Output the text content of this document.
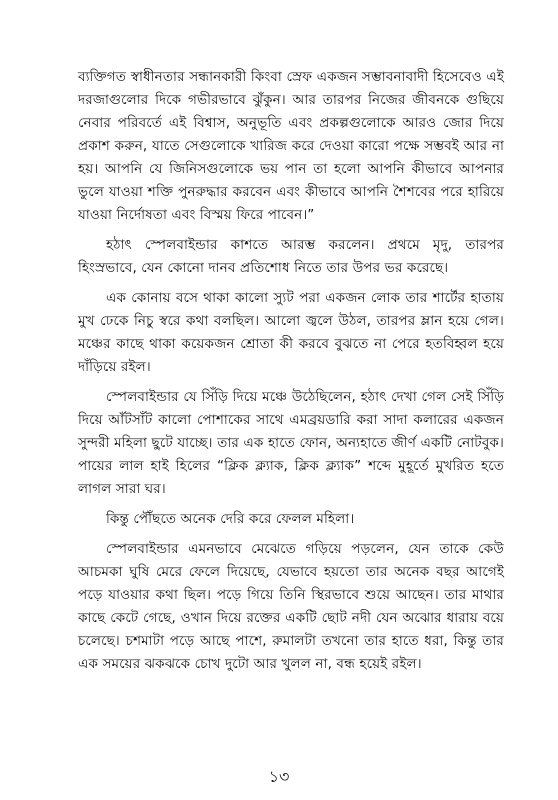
ব্যক্তিগত স্বাধীনতার সন্ধানকারী কিংবা স্রেফ একজন সম্ভাবনাবাদী হিসেবেও এই দরজাগুলোর দিকে গভীরভাবে ঝুঁকুন। আর তারপর নিজের জীবনকে গুছিয়ে নেবার পরিবর্তে এই বিশ্বাস, অনুভূতি এবং প্রকল্পগুলোকে আরও জোর দিয়ে প্রকাশ করুন, যাতে সেগুলোকে খারিজ করে দেওয়া কারো পক্ষে সম্ভবই আর না হয়। আপনি যে জিনিসগুলোকে ভয় পান তা হলো আপনি কীভাবে আপনার ভুলে যাওয়া শক্তি পুনরুদ্ধার করবেন এবং কীভাবে আপনি শৈশবের পরে হারিয়ে যাওয়া নির্দোষতা এবং বিস্ময় ফিরে পাবেন।”

হঠাৎ স্পেলবাইন্ডার কাশতে আরম্ভ করলেন। প্রথমে মৃদু, তারপর হিংস্রভাবে, যেন কোনো দানব প্রতিশোধ নিতে তার উপর ভর করেছে।

এক কোনায় বসে থাকা কালো স্যুট পরা একজন লোক তার শার্টের হাতায় মুখ ঢেকে নিচু স্বরে কথা বলছিল। আলো জ্বলে উঠল, তারপর ম্লান হয়ে গেল। মঞ্চের কাছে থাকা কয়েকজন শ্রোতা কী করবে বুঝতে না পেরে হতবিহ্বল হয়ে দাঁড়িয়ে রইল।

স্পেলবাইন্ডার যে সিঁড়ি দিয়ে মঞ্চে উঠেছিলেন, হঠাৎ দেখা গেল সেই সিঁড়ি দিয়ে আঁটসাঁট কালো পোশাকের সাথে এমব্রয়ডারি করা সাদা কলারের একজন সুন্দরী মহিলা ছুটে যাচ্ছে। তার এক হাতে ফোন, অন্যহাতে জীর্ণ একটি নোটবুক। পায়ের লাল হাই হিলের “ক্লিক ক্ল্যাক, ক্লিক ক্ল্যাক” শব্দে মুহূর্তে মুখরিত হতে লাগল সারা ঘর।

কিন্তু পৌঁছতে অনেক দেরি করে ফেলল মহিলা।

স্পেলবাইন্ডার এমনভাবে মেঝেতে গড়িয়ে পড়লেন, যেন তাকে কেউ আচমকা ঘুষি মেরে ফেলে দিয়েছে, যেভাবে হয়তো তার অনেক বছর আগেই পড়ে যাওয়ার কথা ছিল। পড়ে গিয়ে তিনি স্থিরভাবে শুয়ে আছেন। তার মাথার কাছে কেটে গেছে, ওখান দিয়ে রক্তের একটি ছোট নদী যেন অঝোর ধারায় বয়ে চলেছে। চশমাটা পড়ে আছে পাশে, রুমালটা তখনো তার হাতে ধরা, কিন্তু তার এক সময়ের ঝকঝকে চোখ দুটো আর খুলল না, বন্ধ হয়েই রইল।

১৩
